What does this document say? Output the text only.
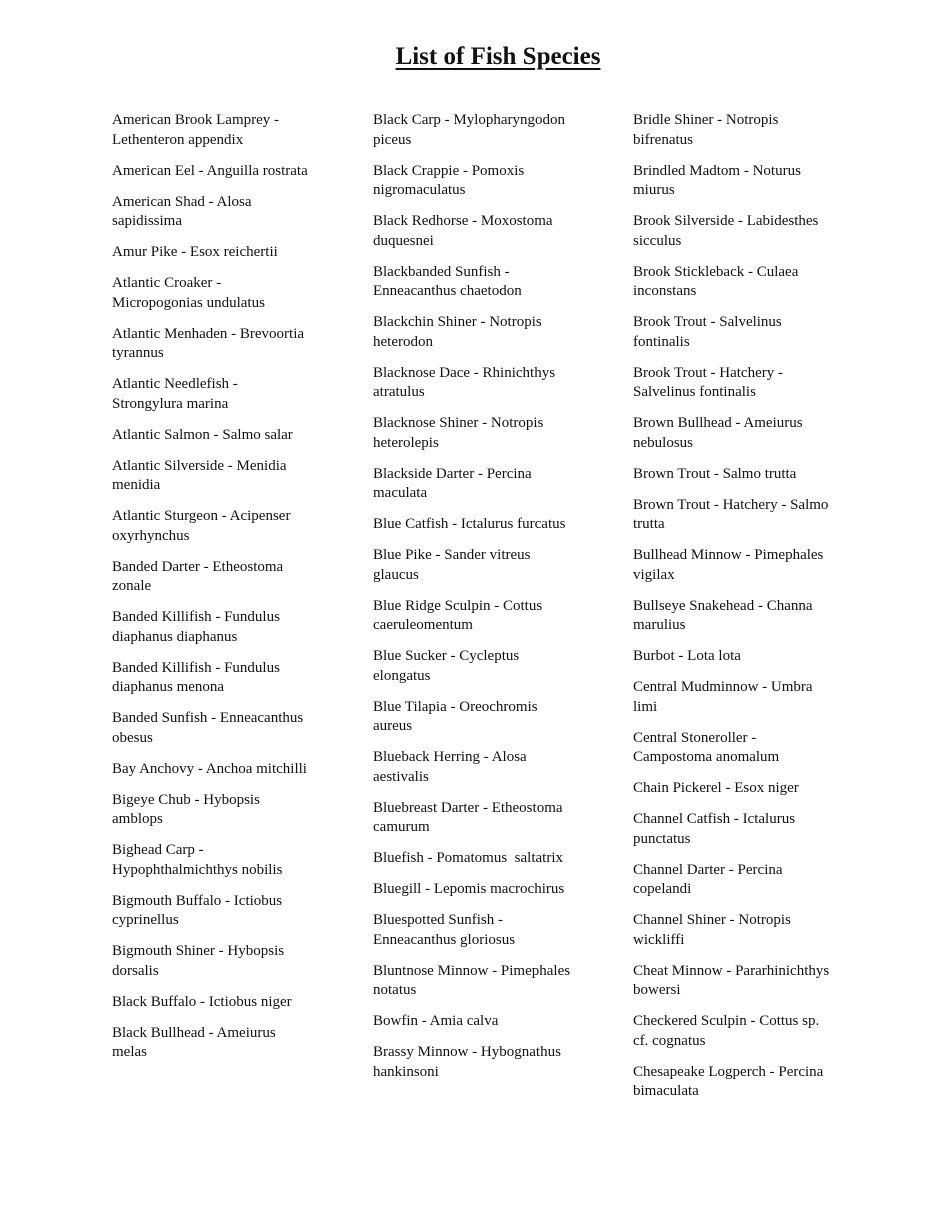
List of Fish Species
American Brook Lamprey -
Lethenteron appendix
American Eel - Anguilla rostrata
American Shad - Alosa
sapidissima
Amur Pike - Esox reichertii
Atlantic Croaker -
Micropogonias undulatus
Atlantic Menhaden - Brevoortia
tyrannus
Atlantic Needlefish -
Strongylura marina
Atlantic Salmon - Salmo salar
Atlantic Silverside - Menidia
menidia
Atlantic Sturgeon - Acipenser
oxyrhynchus
Banded Darter - Etheostoma
zonale
Banded Killifish - Fundulus
diaphanus diaphanus
Banded Killifish - Fundulus
diaphanus menona
Banded Sunfish - Enneacanthus
obesus
Bay Anchovy - Anchoa mitchilli
Bigeye Chub - Hybopsis
amblops
Bighead Carp -
Hypophthalmichthys nobilis
Bigmouth Buffalo - Ictiobus
cyprinellus
Bigmouth Shiner - Hybopsis
dorsalis
Black Buffalo - Ictiobus niger
Black Bullhead - Ameiurus
melas
Black Carp - Mylopharyngodon
piceus
Black Crappie - Pomoxis
nigromaculatus
Black Redhorse - Moxostoma
duquesnei
Blackbanded Sunfish -
Enneacanthus chaetodon
Blackchin Shiner - Notropis
heterodon
Blacknose Dace - Rhinichthys
atratulus
Blacknose Shiner - Notropis
heterolepis
Blackside Darter - Percina
maculata
Blue Catfish - Ictalurus furcatus
Blue Pike - Sander vitreus
glaucus
Blue Ridge Sculpin - Cottus
caeruleomentum
Blue Sucker - Cycleptus
elongatus
Blue Tilapia - Oreochromis
aureus
Blueback Herring - Alosa
aestivalis
Bluebreast Darter - Etheostoma
camurum
Bluefish - Pomatomus  saltatrix
Bluegill - Lepomis macrochirus
Bluespotted Sunfish -
Enneacanthus gloriosus
Bluntnose Minnow - Pimephales
notatus
Bowfin - Amia calva
Brassy Minnow - Hybognathus
hankinsoni
Bridle Shiner - Notropis
bifrenatus
Brindled Madtom - Noturus
miurus
Brook Silverside - Labidesthes
sicculus
Brook Stickleback - Culaea
inconstans
Brook Trout - Salvelinus
fontinalis
Brook Trout - Hatchery -
Salvelinus fontinalis
Brown Bullhead - Ameiurus
nebulosus
Brown Trout - Salmo trutta
Brown Trout - Hatchery - Salmo
trutta
Bullhead Minnow - Pimephales
vigilax
Bullseye Snakehead - Channa
marulius
Burbot - Lota lota
Central Mudminnow - Umbra
limi
Central Stoneroller -
Campostoma anomalum
Chain Pickerel - Esox niger
Channel Catfish - Ictalurus
punctatus
Channel Darter - Percina
copelandi
Channel Shiner - Notropis
wickliffi
Cheat Minnow - Pararhinichthys
bowersi
Checkered Sculpin - Cottus sp.
cf. cognatus
Chesapeake Logperch - Percina
bimaculata
